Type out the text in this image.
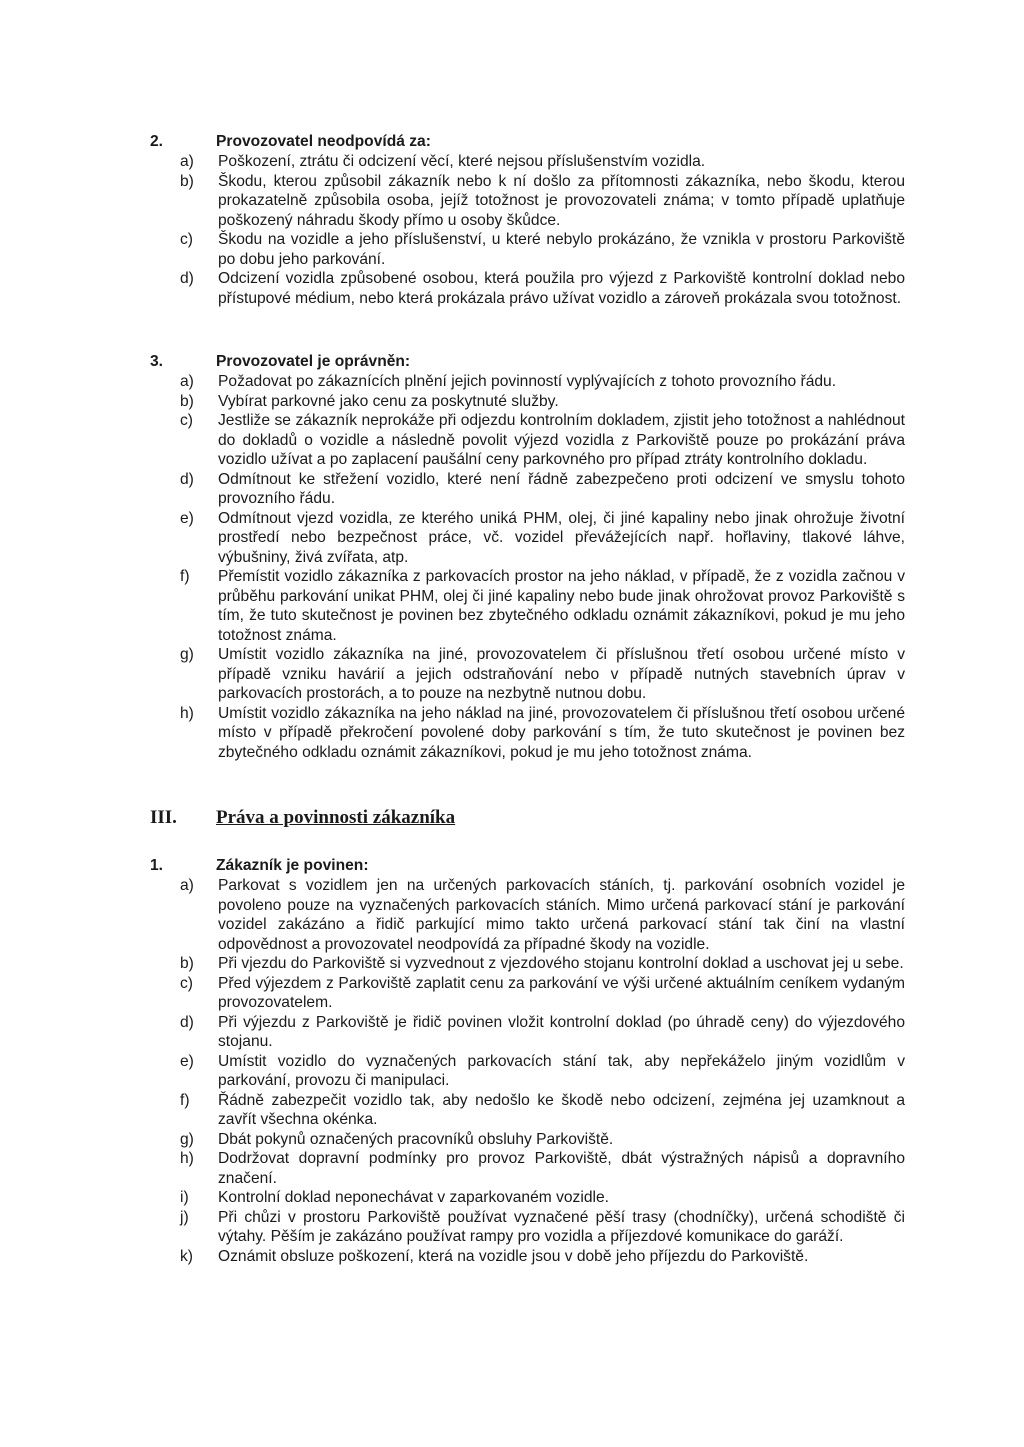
2.	Provozovatel neodpovídá za:
a) Poškození, ztrátu či odcizení věcí, které nejsou příslušenstvím vozidla.
b) Škodu, kterou způsobil zákazník nebo k ní došlo za přítomnosti zákazníka, nebo škodu, kterou prokazatelně způsobila osoba, jejíž totožnost je provozovateli známa; v tomto případě uplatňuje poškozený náhradu škody přímo u osoby škůdce.
c) Škodu na vozidle a jeho příslušenství, u které nebylo prokázáno, že vznikla v prostoru Parkoviště po dobu jeho parkování.
d) Odcizení vozidla způsobené osobou, která použila pro výjezd z Parkoviště kontrolní doklad nebo přístupové médium, nebo která prokázala právo užívat vozidlo a zároveň prokázala svou totožnost.
3.	Provozovatel je oprávněn:
a) Požadovat po zákaznících plnění jejich povinností vyplývajících z tohoto provozního řádu.
b) Vybírat parkovné jako cenu za poskytnuté služby.
c) Jestliže se zákazník neprokáže při odjezdu kontrolním dokladem, zjistit jeho totožnost a nahlédnout do dokladů o vozidle a následně povolit výjezd vozidla z Parkoviště pouze po prokázání práva vozidlo užívat a po zaplacení paušální ceny parkovného pro případ ztráty kontrolního dokladu.
d) Odmítnout ke střežení vozidlo, které není řádně zabezpečeno proti odcizení ve smyslu tohoto provozního řádu.
e) Odmítnout vjezd vozidla, ze kterého uniká PHM, olej, či jiné kapaliny nebo jinak ohrožuje životní prostředí nebo bezpečnost práce, vč. vozidel převážejících např. hořlaviny, tlakové láhve, výbušniny, živá zvířata, atp.
f) Přemístit vozidlo zákazníka z parkovacích prostor na jeho náklad, v případě, že z vozidla začnou v průběhu parkování unikat PHM, olej či jiné kapaliny nebo bude jinak ohrožovat provoz Parkoviště s tím, že tuto skutečnost je povinen bez zbytečného odkladu oznámit zákazníkovi, pokud je mu jeho totožnost známa.
g) Umístit vozidlo zákazníka na jiné, provozovatelem či příslušnou třetí osobou určené místo v případě vzniku havárií a jejich odstraňování nebo v případě nutných stavebních úprav v parkovacích prostorách, a to pouze na nezbytně nutnou dobu.
h) Umístit vozidlo zákazníka na jeho náklad na jiné, provozovatelem či příslušnou třetí osobou určené místo v případě překročení povolené doby parkování s tím, že tuto skutečnost je povinen bez zbytečného odkladu oznámit zákazníkovi, pokud je mu jeho totožnost známa.
III. Práva a povinnosti zákazníka
1.	Zákazník je povinen:
a) Parkovat s vozidlem jen na určených parkovacích stáních, tj. parkování osobních vozidel je povoleno pouze na vyznačených parkovacích stáních. Mimo určená parkovací stání je parkování vozidel zakázáno a řidič parkující mimo takto určená parkovací stání tak činí na vlastní odpovědnost a provozovatel neodpovídá za případné škody na vozidle.
b) Při vjezdu do Parkoviště si vyzvednout z vjezdového stojanu kontrolní doklad a uschovat jej u sebe.
c) Před výjezdem z Parkoviště zaplatit cenu za parkování ve výši určené aktuálním ceníkem vydaným provozovatelem.
d) Při výjezdu z Parkoviště je řidič povinen vložit kontrolní doklad (po úhradě ceny) do výjezdového stojanu.
e) Umístit vozidlo do vyznačených parkovacích stání tak, aby nepřekáželo jiným vozidlům v parkování, provozu či manipulaci.
f) Řádně zabezpečit vozidlo tak, aby nedošlo ke škodě nebo odcizení, zejména jej uzamknout a zavřít všechna okénka.
g) Dbát pokynů označených pracovníků obsluhy Parkoviště.
h) Dodržovat dopravní podmínky pro provoz Parkoviště, dbát výstražných nápisů a dopravního značení.
i) Kontrolní doklad neponechávat v zaparkovaném vozidle.
j) Při chůzi v prostoru Parkoviště používat vyznačené pěší trasy (chodníčky), určená schodiště či výtahy. Pěším je zakázáno používat rampy pro vozidla a příjezdové komunikace do garáží.
k) Oznámit obsluze poškození, která na vozidle jsou v době jeho příjezdu do Parkoviště.
